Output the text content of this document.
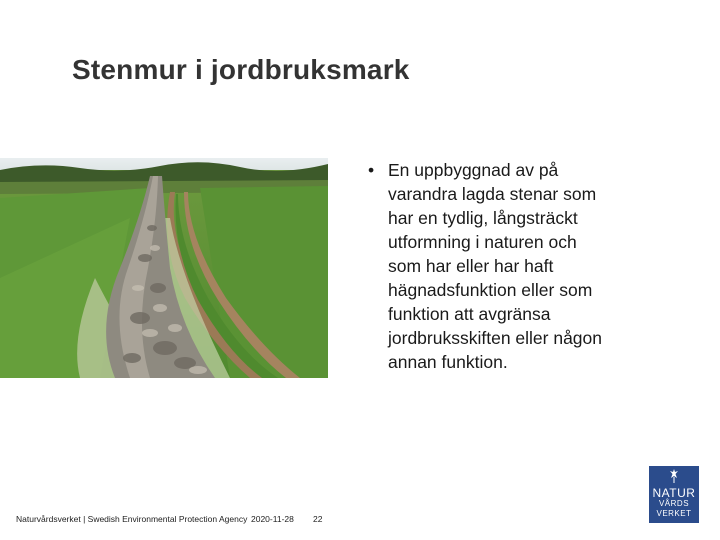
Stenmur i jordbruksmark
• En uppbyggnad av på
varandra lagda stenar som
har en tydlig, långsträckt
utformning i naturen och
som har eller har haft
hägnadsfunktion eller som
funktion att avgränsa
jordbruksskiften eller någon
annan funktion.
Naturvårdsverket | Swedish Environmental Protection Agency 2020-11-28 22
NATUR
VÅRDS
VERKET
